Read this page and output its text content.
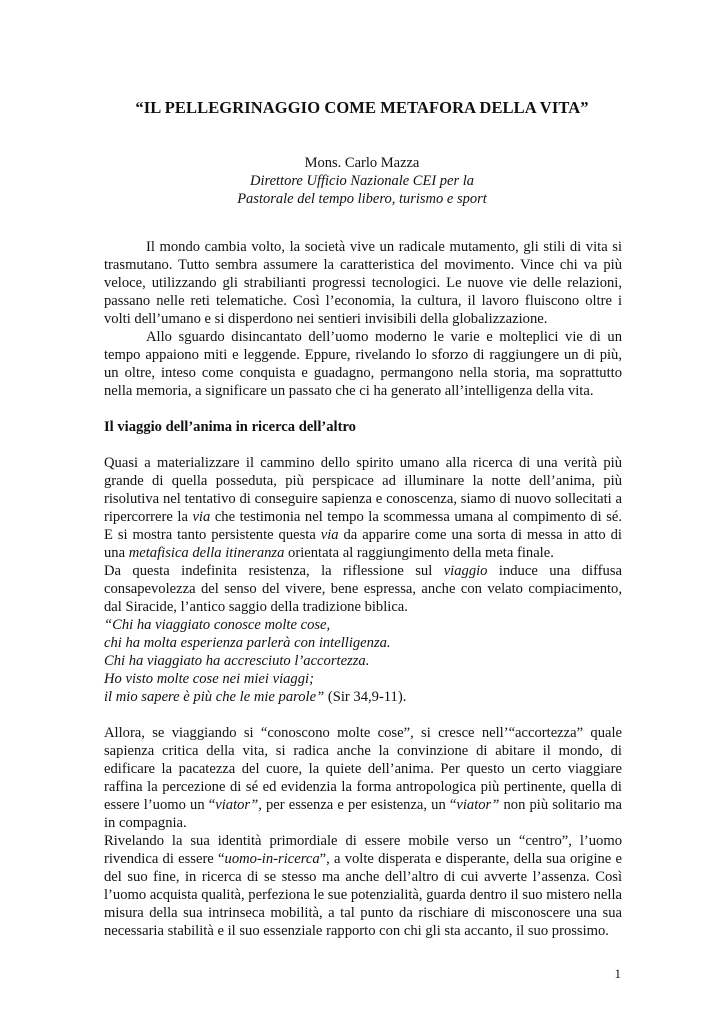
“IL PELLEGRINAGGIO COME METAFORA DELLA VITA”
Mons. Carlo Mazza
Direttore Ufficio Nazionale CEI per la
Pastorale del tempo libero, turismo e sport

Il mondo cambia volto, la società vive un radicale mutamento, gli stili di vita si trasmutano. Tutto sembra assumere la caratteristica del movimento. Vince chi va più veloce, utilizzando gli strabilianti progressi tecnologici. Le nuove vie delle relazioni, passano nelle reti telematiche. Così l’economia, la cultura, il lavoro fluiscono oltre i volti dell’umano e si disperdono nei sentieri invisibili della globalizzazione.

Allo sguardo disincantato dell’uomo moderno le varie e molteplici vie di un tempo appaiono miti e leggende. Eppure, rivelando lo sforzo di raggiungere un di più, un oltre, inteso come conquista e guadagno, permangono nella storia, ma soprattutto nella memoria, a significare un passato che ci ha generato all’intelligenza della vita.

Il viaggio dell’anima in ricerca dell’altro

Quasi a materializzare il cammino dello spirito umano alla ricerca di una verità più grande di quella posseduta, più perspicace ad illuminare la notte dell’anima, più risolutiva nel tentativo di conseguire sapienza e conoscenza, siamo di nuovo sollecitati a ripercorrere la via che testimonia nel tempo la scommessa umana al compimento di sé. E si mostra tanto persistente questa via da apparire come una sorta di messa in atto di una metafisica della itineranza orientata al raggiungimento della meta finale.

Da questa indefinita resistenza, la riflessione sul viaggio induce una diffusa consapevolezza del senso del vivere, bene espressa, anche con velato compiacimento, dal Siracide, l’antico saggio della tradizione biblica.

“Chi ha viaggiato conosce molte cose,
chi ha molta esperienza parlerà con intelligenza.
Chi ha viaggiato ha accresciuto l’accortezza.
Ho visto molte cose nei miei viaggi;
il mio sapere è più che le mie parole” (Sir 34,9-11).

Allora, se viaggiando si “conoscono molte cose”, si cresce nell’“accortezza” quale sapienza critica della vita, si radica anche la convinzione di abitare il mondo, di edificare la pacatezza del cuore, la quiete dell’anima. Per questo un certo viaggiare raffina la percezione di sé ed evidenzia la forma antropologica più pertinente, quella di essere l’uomo un “viator”, per essenza e per esistenza, un “viator” non più solitario ma in compagnia.

Rivelando la sua identità primordiale di essere mobile verso un “centro”, l’uomo rivendica di essere “uomo-in-ricerca”, a volte disperata e disperante, della sua origine e del suo fine, in ricerca di se stesso ma anche dell’altro di cui avverte l’assenza. Così l’uomo acquista qualità, perfeziona le sue potenzialità, guarda dentro il suo mistero nella misura della sua intrinseca mobilità, a tal punto da rischiare di misconoscere una sua necessaria stabilità e il suo essenziale rapporto con chi gli sta accanto, il suo prossimo.

1
